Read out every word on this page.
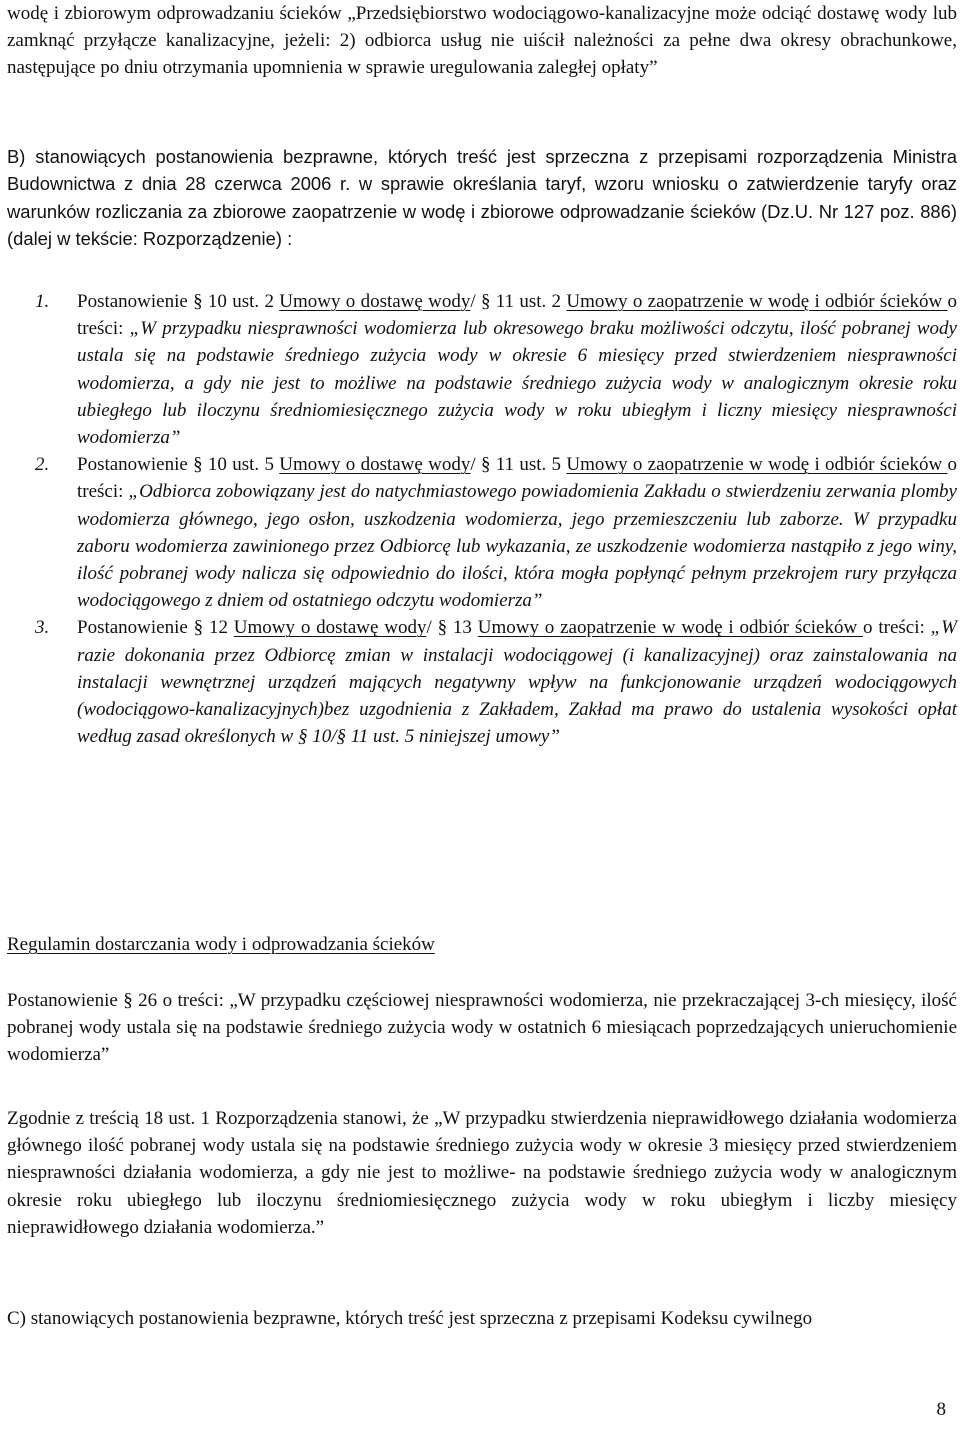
wodę i zbiorowym odprowadzaniu ścieków „Przedsiębiorstwo wodociągowo-kanalizacyjne może odciąć dostawę wody lub zamknąć przyłącze kanalizacyjne, jeżeli: 2) odbiorca usług nie uiścił należności za pełne dwa okresy obrachunkowe, następujące po dniu otrzymania upomnienia w sprawie uregulowania zaległej opłaty”

B) stanowiących postanowienia bezprawne, których treść jest sprzeczna z przepisami rozporządzenia Ministra Budownictwa z dnia 28 czerwca 2006 r. w sprawie określania taryf, wzoru wniosku o zatwierdzenie taryfy oraz warunków rozliczania za zbiorowe zaopatrzenie w wodę i zbiorowe odprowadzanie ścieków (Dz.U. Nr 127 poz. 886) (dalej w tekście: Rozporządzenie) :

1. Postanowienie § 10 ust. 2 Umowy o dostawę wody/ § 11 ust. 2 Umowy o zaopatrzenie w wodę i odbiór ścieków o treści: „W przypadku niesprawności wodomierza lub okresowego braku możliwości odczytu, ilość pobranej wody ustala się na podstawie średniego zużycia wody w okresie 6 miesięcy przed stwierdzeniem niesprawności wodomierza, a gdy nie jest to możliwe na podstawie średniego zużycia wody w analogicznym okresie roku ubiegłego lub iloczynu średniomiesięcznego zużycia wody w roku ubiegłym i liczny miesięcy niesprawności wodomierza”
2. Postanowienie § 10 ust. 5 Umowy o dostawę wody/ § 11 ust. 5 Umowy o zaopatrzenie w wodę i odbiór ścieków o treści: „Odbiorca zobowiązany jest do natychmiastowego powiadomienia Zakładu o stwierdzeniu zerwania plomby wodomierza głównego, jego osłon, uszkodzenia wodomierza, jego przemieszczeniu lub zaborze. W przypadku zaboru wodomierza zawinionego przez Odbiorcę lub wykazania, ze uszkodzenie wodomierza nastąpiło z jego winy, ilość pobranej wody nalicza się odpowiednio do ilości, która mogła popłynąć pełnym przekrojem rury przyłącza wodociągowego z dniem od ostatniego odczytu wodomierza”
3. Postanowienie § 12 Umowy o dostawę wody/ § 13 Umowy o zaopatrzenie w wodę i odbiór ścieków o treści: „W razie dokonania przez Odbiorcę zmian w instalacji wodociągowej (i kanalizacyjnej) oraz zainstalowania na instalacji wewnętrznej urządzeń mających negatywny wpływ na funkcjonowanie urządzeń wodociągowych (wodociągowo-kanalizacyjnych)bez uzgodnienia z Zakładem, Zakład ma prawo do ustalenia wysokości opłat według zasad określonych w § 10/§ 11 ust. 5 niniejszej umowy”

Regulamin dostarczania wody i odprowadzania ścieków

Postanowienie § 26 o treści: „W przypadku częściowej niesprawności wodomierza, nie przekraczającej 3-ch miesięcy, ilość pobranej wody ustala się na podstawie średniego zużycia wody w ostatnich 6 miesiącach poprzedzających unieruchomienie wodomierza”

Zgodnie z treścią 18 ust. 1 Rozporządzenia stanowi, że „W przypadku stwierdzenia nieprawidłowego działania wodomierza głównego ilość pobranej wody ustala się na podstawie średniego zużycia wody w okresie 3 miesięcy przed stwierdzeniem niesprawności działania wodomierza, a gdy nie jest to możliwe- na podstawie średniego zużycia wody w analogicznym okresie roku ubiegłego lub iloczynu średniomiesięcznego zużycia wody w roku ubiegłym i liczby miesięcy nieprawidłowego działania wodomierza.”

C) stanowiących postanowienia bezprawne, których treść jest sprzeczna z przepisami Kodeksu cywilnego

8
